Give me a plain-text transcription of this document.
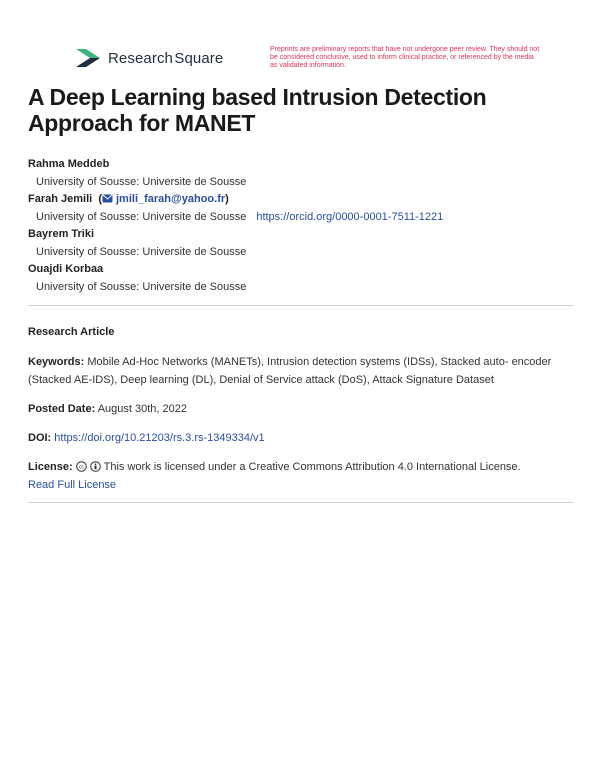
Research Square	Preprints are preliminary reports that have not undergone peer review. They should not be considered conclusive, used to inform clinical practice, or referenced by the media as validated information.
A Deep Learning based Intrusion Detection Approach for MANET
Rahma Meddeb
University of Sousse: Universite de Sousse
Farah Jemili ( jmili_farah@yahoo.fr)
University of Sousse: Universite de Sousse https://orcid.org/0000-0001-7511-1221
Bayrem Triki
University of Sousse: Universite de Sousse
Ouajdi Korbaa
University of Sousse: Universite de Sousse
Research Article
Keywords: Mobile Ad-Hoc Networks (MANETs), Intrusion detection systems (IDSs), Stacked auto- encoder (Stacked AE-IDS), Deep learning (DL), Denial of Service attack (DoS), Attack Signature Dataset
Posted Date: August 30th, 2022
DOI: https://doi.org/10.21203/rs.3.rs-1349334/v1
License: cc This work is licensed under a Creative Commons Attribution 4.0 International License.
Read Full License
